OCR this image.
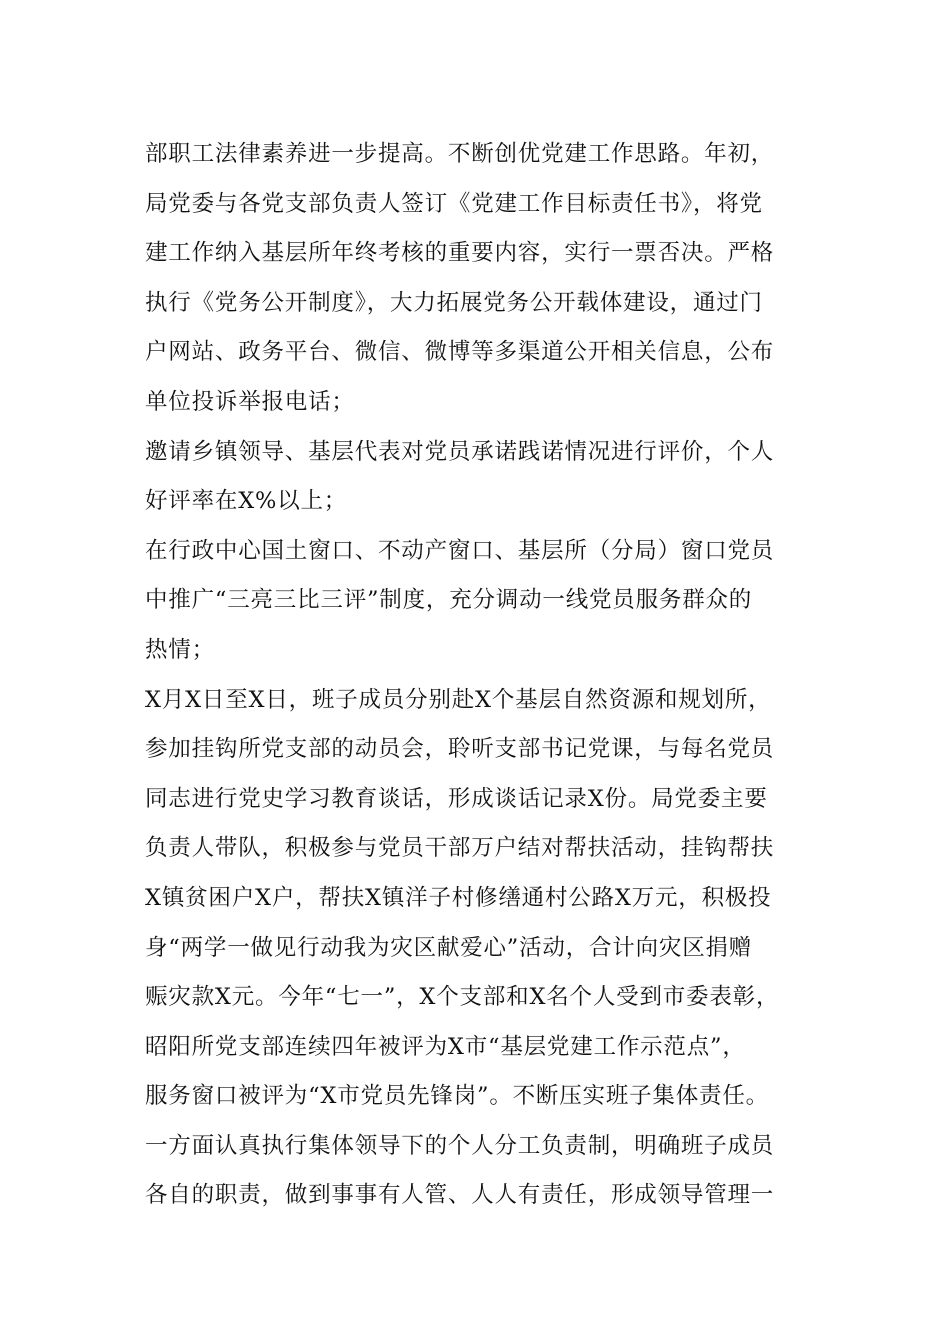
部职工法律素养进一步提高。不断创优党建工作思路。年初，
局党委与各党支部负责人签订《党建工作目标责任书》，将党
建工作纳入基层所年终考核的重要内容，实行一票否决。严格
执行《党务公开制度》，大力拓展党务公开载体建设，通过门
户网站、政务平台、微信、微博等多渠道公开相关信息，公布
单位投诉举报电话；
邀请乡镇领导、基层代表对党员承诺践诺情况进行评价，个人
好评率在X%以上；
在行政中心国土窗口、不动产窗口、基层所（分局）窗口党员
中推广“三亮三比三评”制度，充分调动一线党员服务群众的
热情；
X月X日至X日，班子成员分别赴X个基层自然资源和规划所，
参加挂钩所党支部的动员会，聆听支部书记党课，与每名党员
同志进行党史学习教育谈话，形成谈话记录X份。局党委主要
负责人带队，积极参与党员干部万户结对帮扶活动，挂钩帮扶
X镇贫困户X户，帮扶X镇洋子村修缮通村公路X万元，积极投
身“两学一做见行动我为灾区献爱心”活动，合计向灾区捐赠
赈灾款X元。今年“七一”，X个支部和X名个人受到市委表彰，
昭阳所党支部连续四年被评为X市“基层党建工作示范点”，
服务窗口被评为“X市党员先锋岗”。不断压实班子集体责任。
一方面认真执行集体领导下的个人分工负责制，明确班子成员
各自的职责，做到事事有人管、人人有责任，形成领导管理一
